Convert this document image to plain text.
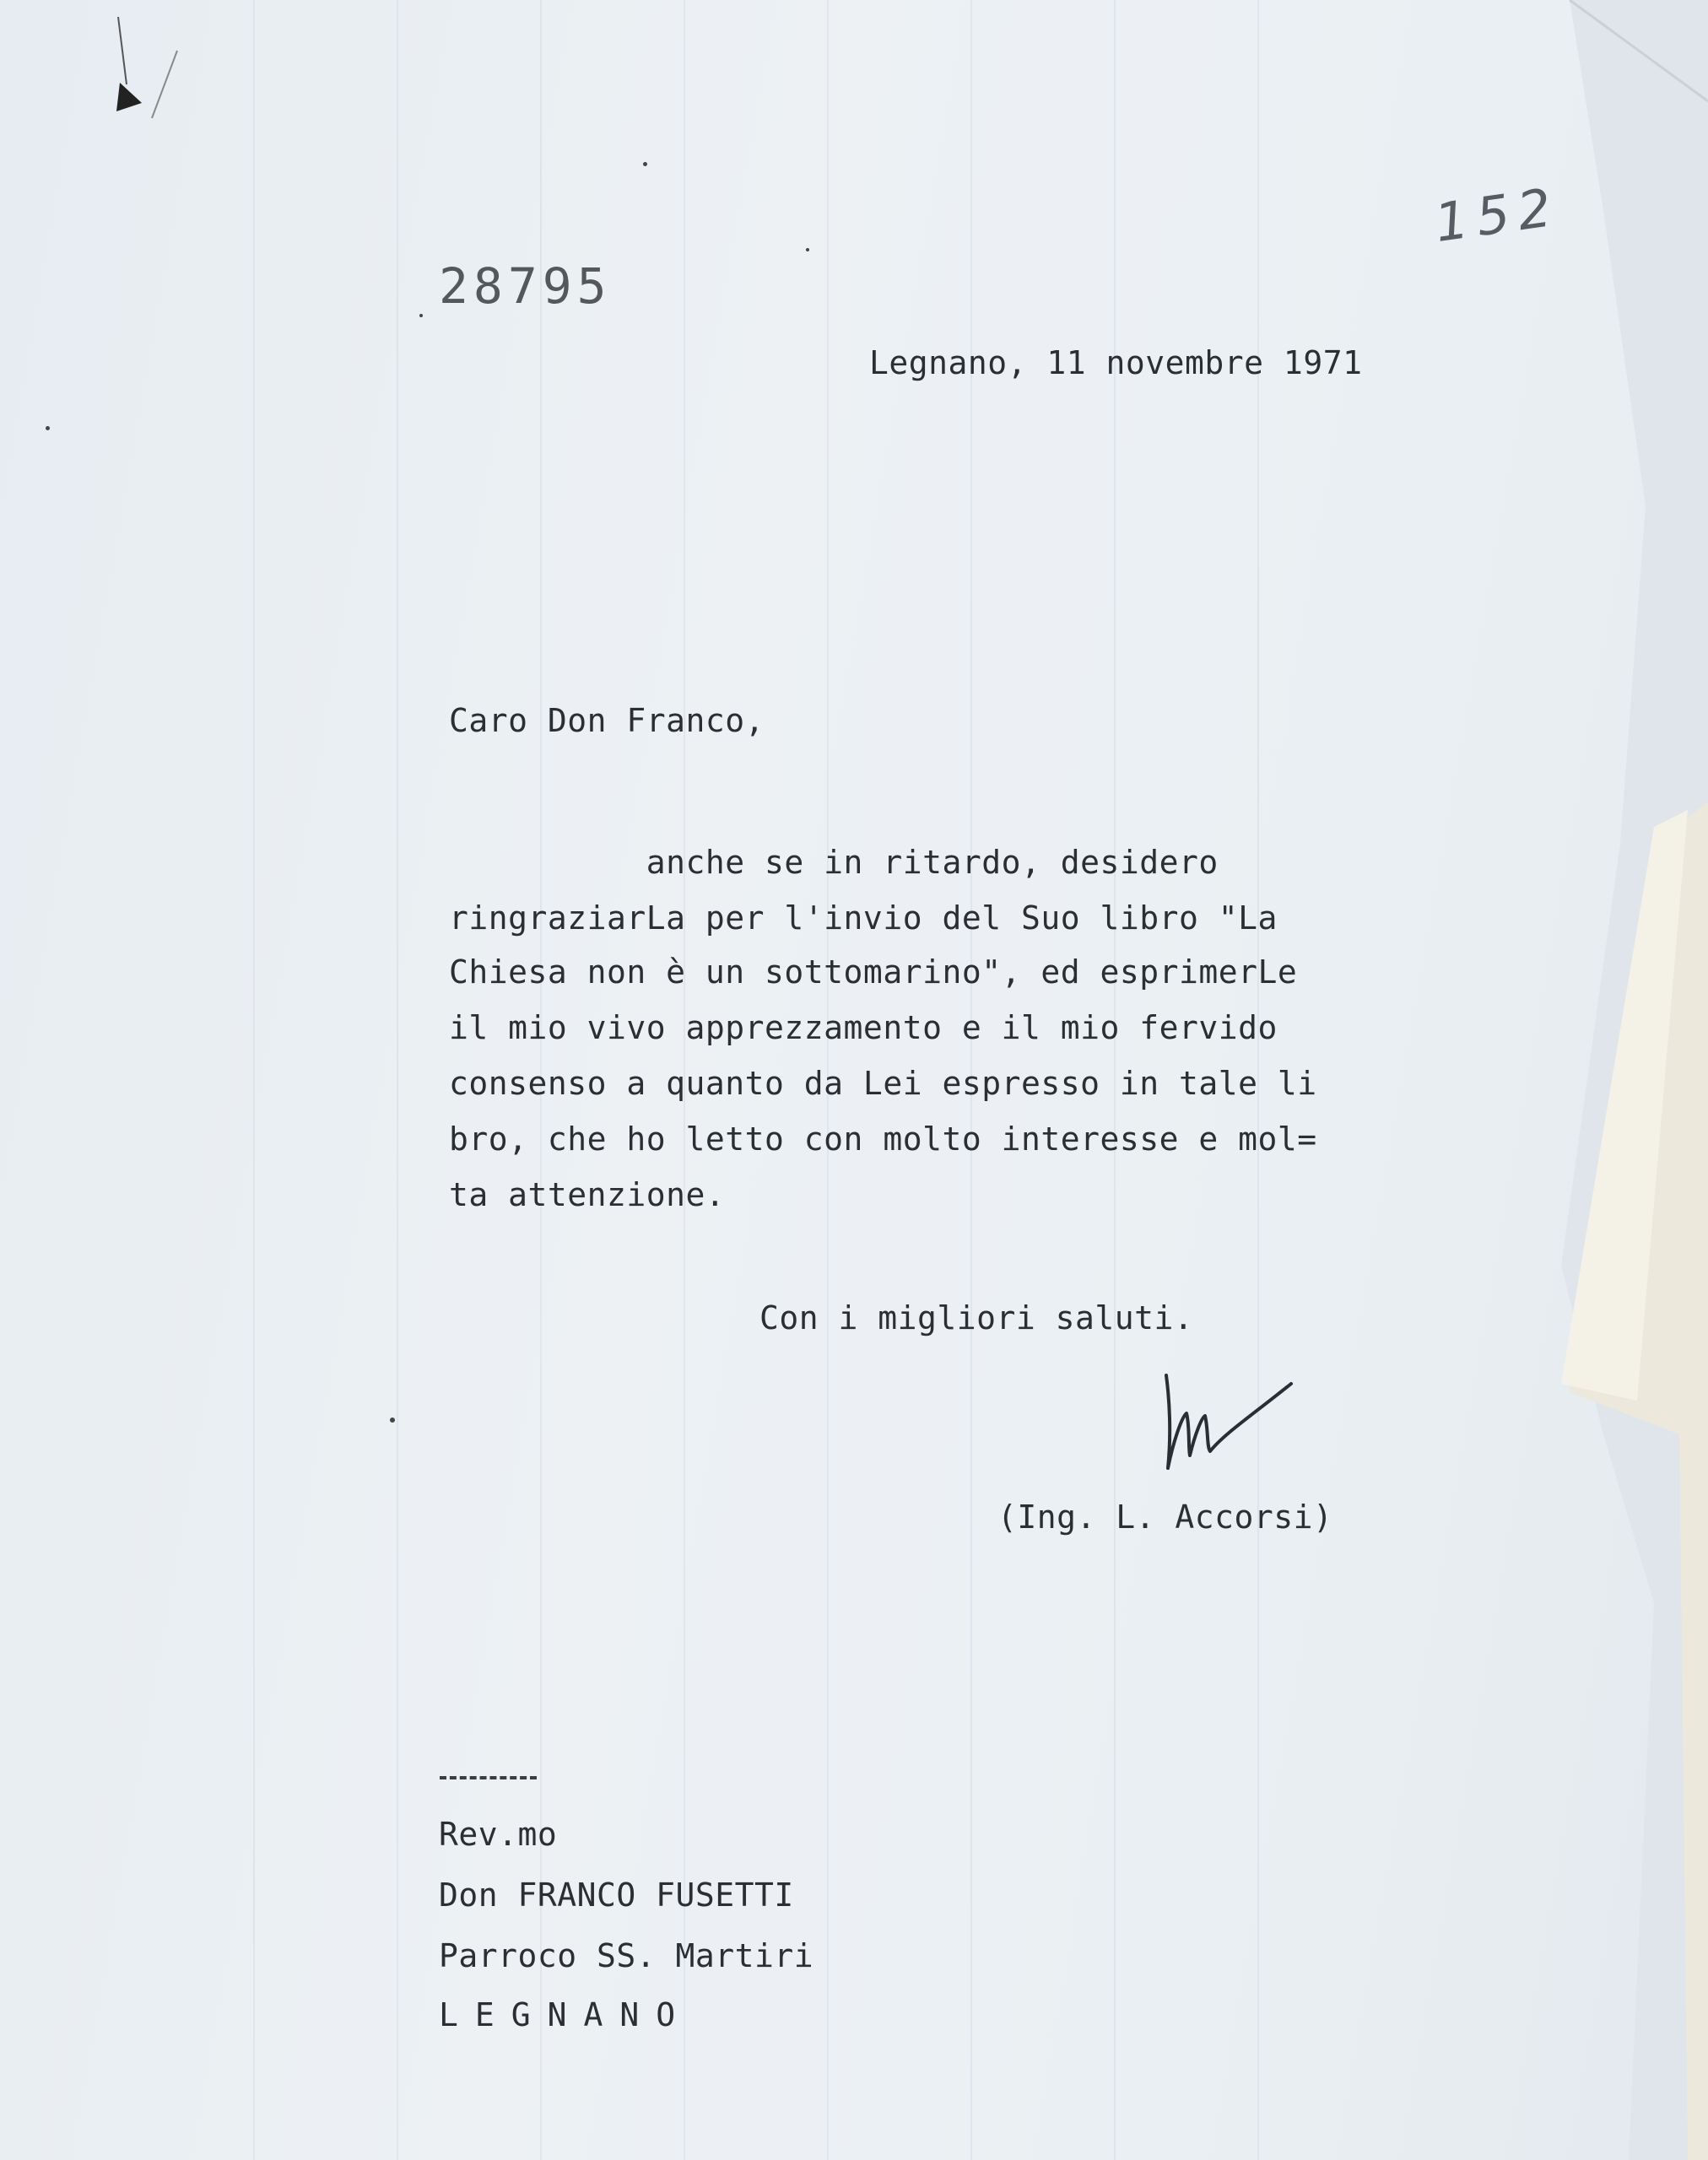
152
28795
Legnano, 11 novembre 1971
Caro Don Franco,
anche se in ritardo, desidero
ringraziarLa per l'invio del Suo libro "La
Chiesa non è un sottomarino", ed esprimerLe
il mio vivo apprezzamento e il mio fervido
consenso a quanto da Lei espresso in tale li
bro, che ho letto con molto interesse e mol=
ta attenzione.
Con i migliori saluti.
(Ing. L. Accorsi)
Rev.mo
Don FRANCO FUSETTI
Parroco SS. Martiri
LEGNANO
